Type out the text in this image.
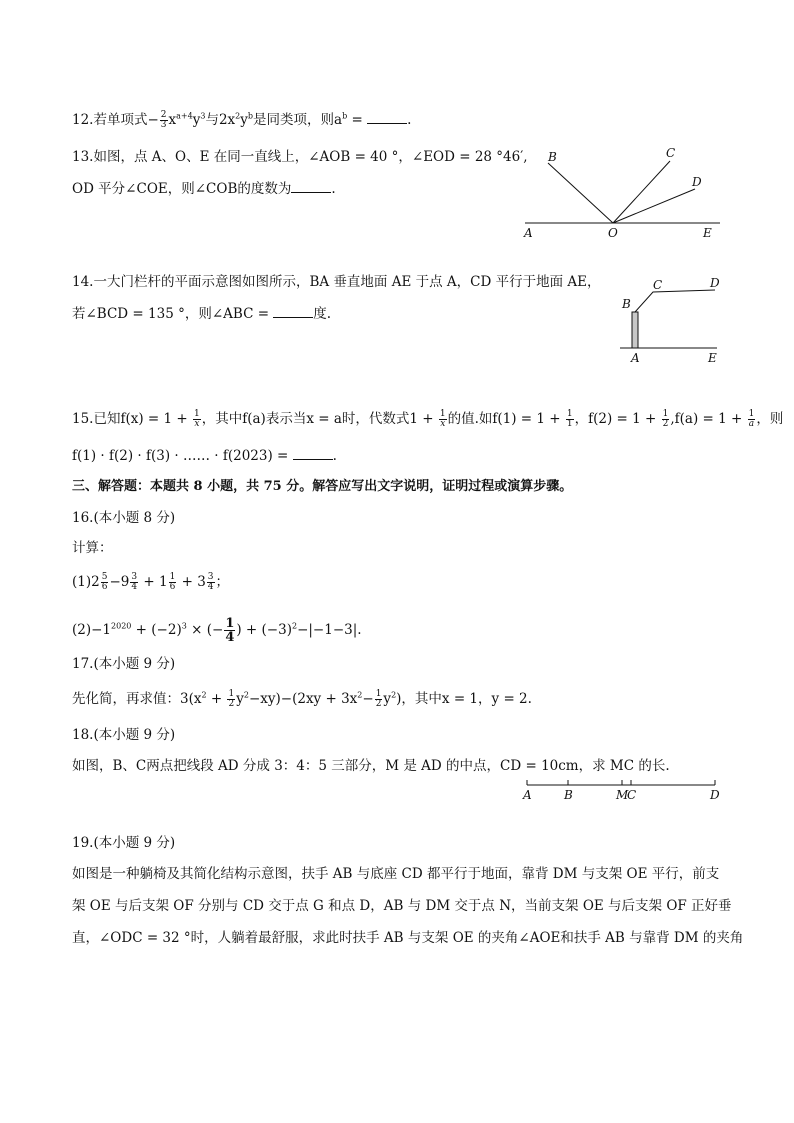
12.若单项式− $\frac{2}{3} x^{a+4}y^3$与$2x^2y^b$是同类项，则$a^b$ =	.
13.如图，点 A、O、E 在同一直线上，∠AOB = 40 °，∠EOD = 28 °46′,
OD 平分∠COE，则∠COB的度数为	.
B	C
D
A	O	E
14.一大门栏杆的平面示意图如图所示，BA 垂直地面 AE 于点 A，CD 平行于地面 AE，
若∠BCD = 135 °，则∠ABC =	度.
C	D
B
A	E
15.已知$f(x) = 1 + \frac{1}{x}$ ，其中f(a)表示当x = a时，代数式$1 + \frac{1}{x}$ 的值.如$f(1) = 1 + \frac{1}{1}$ ，$f(2) = 1 + \frac{1}{2} ,f(a) = 1 + \frac{1}{a}$ ，则
f(1) · f(2) · f(3) · …… · f(2023) =	.
三、解答题：本题共 8 小题，共 75 分。解答应写出文字说明，证明过程或演算步骤。
16.(本小题 8 分)
计算：
$(1)2 \frac{5}{6} -9 \frac{3}{4} + 1 \frac{1}{6} + 3 \frac{3}{4}$ ；
$(2)-1^{2020} + (-2)^3$ × (− $\frac{1}{4}$ ) + $(-3)^2-|-1-3|$.
17.(本小题 9 分)
先化简，再求值：$3(x^2 + \frac{1}{2} y^2-xy)-(2xy + 3x^2- \frac{1}{2} y^2)$，其中x = 1，y = 2.
18.(本小题 9 分)
如图，B、C两点把线段 AD 分成 3：4：5 三部分，M 是 AD 的中点，CD = 10cm，求 MC 的长.
A	B	M
C	D
19.(本小题 9 分)
如图是一种躺椅及其简化结构示意图，扶手 AB 与底座 CD 都平行于地面，靠背 DM 与支架 OE 平行，前支
架 OE 与后支架 OF 分别与 CD 交于点 G 和点 D，AB 与 DM 交于点 N，当前支架 OE 与后支架 OF 正好垂
直，∠ODC = 32 °时，人躺着最舒服，求此时扶手 AB 与支架 OE 的夹角∠AOE和扶手 AB 与靠背 DM 的夹角
